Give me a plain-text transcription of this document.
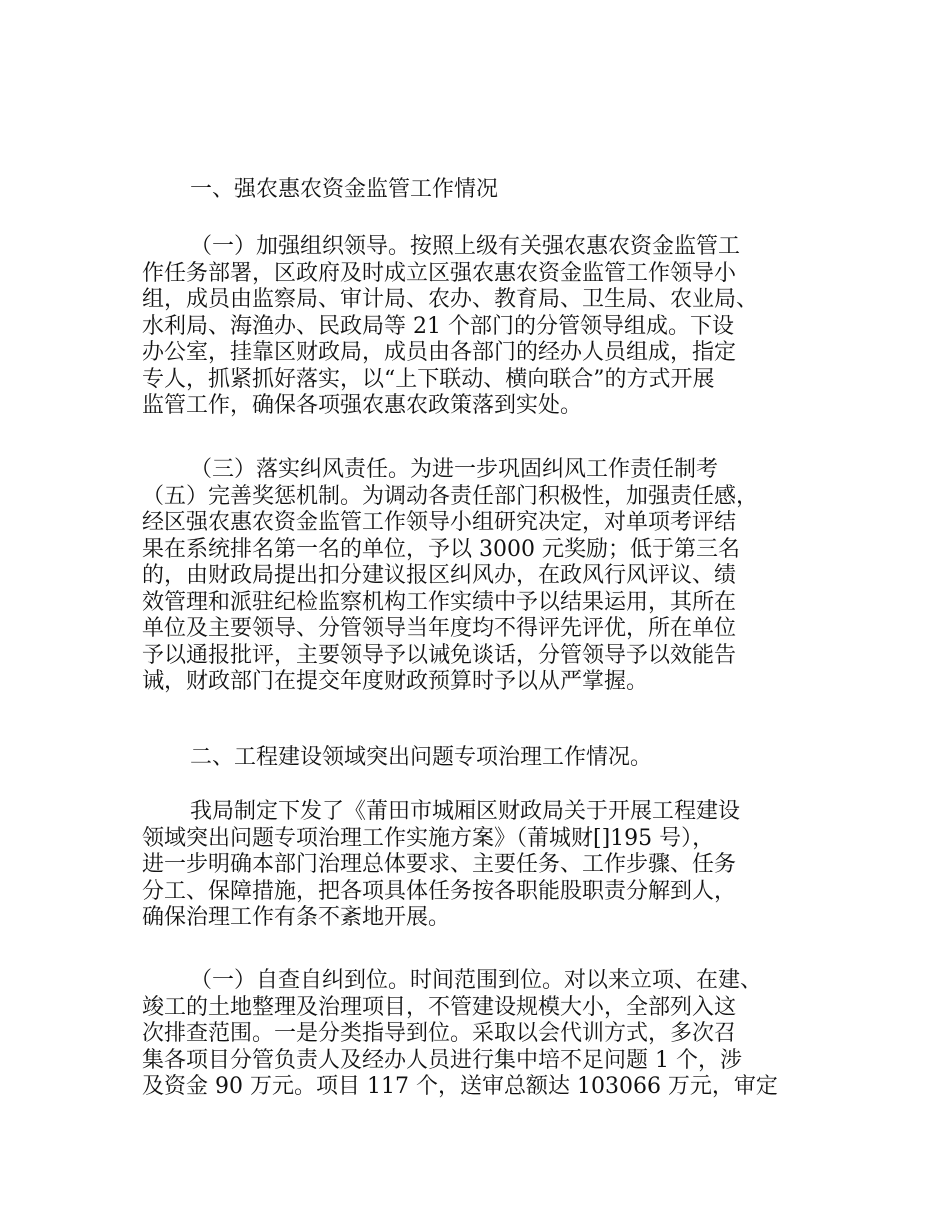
一、强农惠农资金监管工作情况
（一）加强组织领导。按照上级有关强农惠农资金监管工
作任务部署，区政府及时成立区强农惠农资金监管工作领导小
组，成员由监察局、审计局、农办、教育局、卫生局、农业局、
水利局、海渔办、民政局等 21 个部门的分管领导组成。下设
办公室，挂靠区财政局，成员由各部门的经办人员组成，指定
专人，抓紧抓好落实，以“上下联动、横向联合”的方式开展
监管工作，确保各项强农惠农政策落到实处。
（三）落实纠风责任。为进一步巩固纠风工作责任制考
（五）完善奖惩机制。为调动各责任部门积极性，加强责任感，
经区强农惠农资金监管工作领导小组研究决定，对单项考评结
果在系统排名第一名的单位，予以 3000 元奖励；低于第三名
的，由财政局提出扣分建议报区纠风办，在政风行风评议、绩
效管理和派驻纪检监察机构工作实绩中予以结果运用，其所在
单位及主要领导、分管领导当年度均不得评先评优，所在单位
予以通报批评，主要领导予以诫免谈话，分管领导予以效能告
诫，财政部门在提交年度财政预算时予以从严掌握。
二、工程建设领域突出问题专项治理工作情况。
我局制定下发了《莆田市城厢区财政局关于开展工程建设
领域突出问题专项治理工作实施方案》（莆城财[]195 号），
进一步明确本部门治理总体要求、主要任务、工作步骤、任务
分工、保障措施，把各项具体任务按各职能股职责分解到人，
确保治理工作有条不紊地开展。
（一）自查自纠到位。时间范围到位。对以来立项、在建、
竣工的土地整理及治理项目，不管建设规模大小，全部列入这
次排查范围。一是分类指导到位。采取以会代训方式，多次召
集各项目分管负责人及经办人员进行集中培不足问题 1 个，涉
及资金 90 万元。项目 117 个，送审总额达 103066 万元，审定
